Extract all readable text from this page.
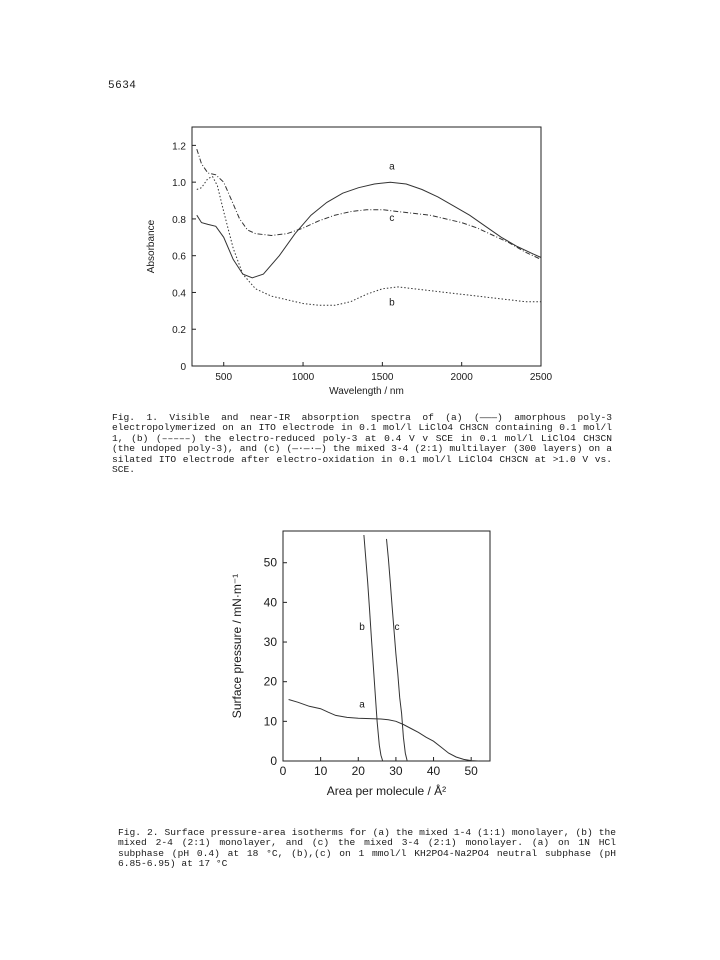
5634
500	1000	1500	2000	2500
0
0.2
0.4
0.6
0.8
1.0
1.2
Wavelength / nm
Absorbance
a
b
c
0 10 20 30 40 50
0
10
20
30
40
50
Area per molecule / Å²
Surface pressure / mN·m⁻¹	a
b	c
Fig. 1. Visible and near-IR absorption spectra of (a) (———) amorphous poly-3 electropolymerized on an ITO electrode in 0.1 mol/l LiClO4 CH3CN containing 0.1 mol/l 1, (b) (–––––) the electro-reduced poly-3 at 0.4 V v SCE in 0.1 mol/l LiClO4 CH3CN (the undoped poly-3), and (c) (—·—·—) the mixed 3-4 (2:1) multilayer (300 layers) on a silated ITO electrode after electro-oxidation in 0.1 mol/l LiClO4 CH3CN at >1.0 V vs. SCE.
Fig. 2. Surface pressure-area isotherms for (a) the mixed 1-4 (1:1) monolayer, (b) the mixed 2-4 (2:1) monolayer, and (c) the mixed 3-4 (2:1) monolayer. (a) on 1N HCl subphase (pH 0.4) at 18 °C, (b),(c) on 1 mmol/l KH2PO4-Na2PO4 neutral subphase (pH 6.85-6.95) at 17 °C
